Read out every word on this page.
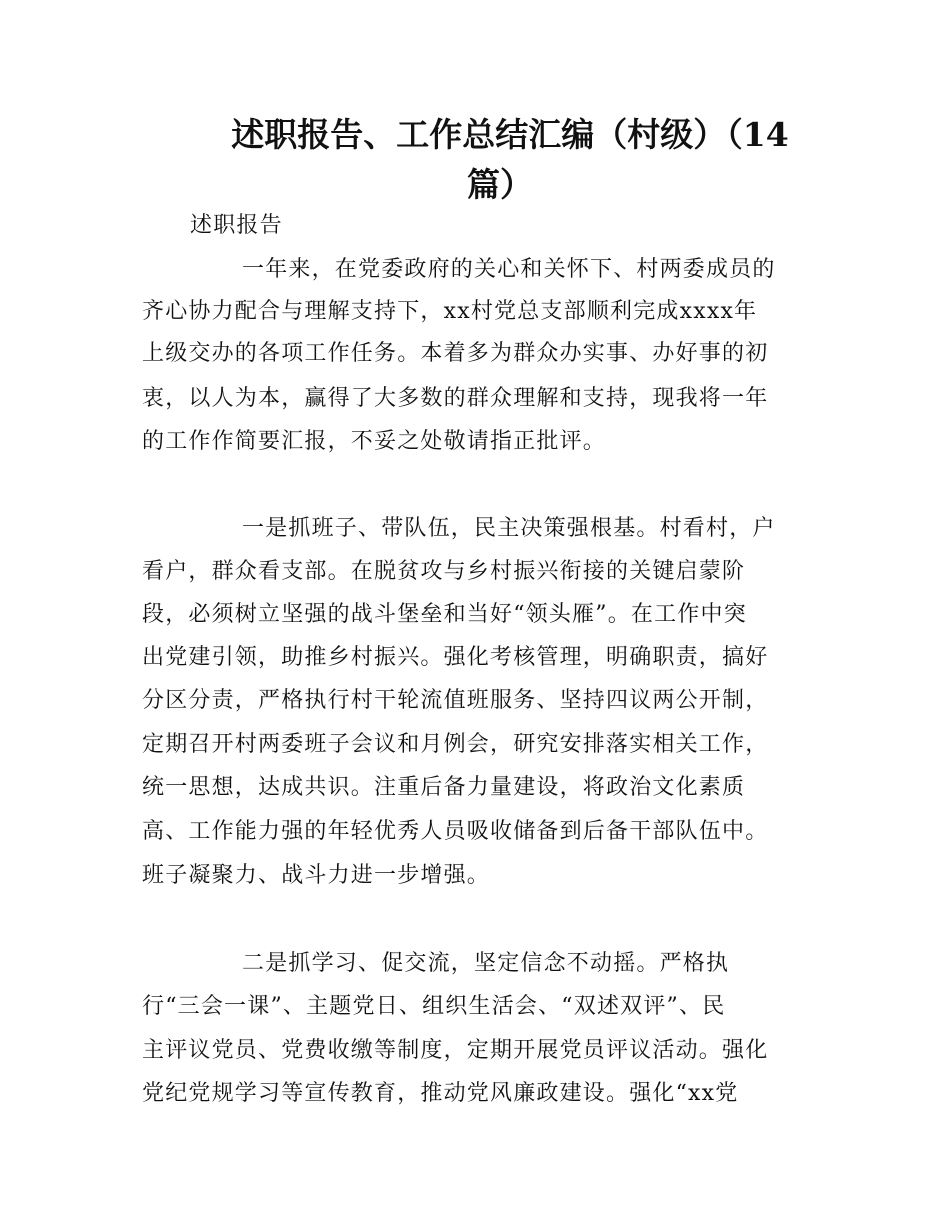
述职报告、工作总结汇编（村级）（14
篇）

述职报告

一年来，在党委政府的关心和关怀下、村两委成员的

齐心协力配合与理解支持下，xx村党总支部顺利完成xxxx年

上级交办的各项工作任务。本着多为群众办实事、办好事的初

衷，以人为本，赢得了大多数的群众理解和支持，现我将一年

的工作作简要汇报，不妥之处敬请指正批评。

一是抓班子、带队伍，民主决策强根基。村看村，户

看户，群众看支部。在脱贫攻与乡村振兴衔接的关键启蒙阶

段，必须树立坚强的战斗堡垒和当好“领头雁”。在工作中突

出党建引领，助推乡村振兴。强化考核管理，明确职责，搞好

分区分责，严格执行村干轮流值班服务、坚持四议两公开制，

定期召开村两委班子会议和月例会，研究安排落实相关工作，

统一思想，达成共识。注重后备力量建设，将政治文化素质

高、工作能力强的年轻优秀人员吸收储备到后备干部队伍中。

班子凝聚力、战斗力进一步增强。

二是抓学习、促交流，坚定信念不动摇。严格执

行“三会一课”、主题党日、组织生活会、“双述双评”、民

主评议党员、党费收缴等制度，定期开展党员评议活动。强化

党纪党规学习等宣传教育，推动党风廉政建设。强化“xx党
